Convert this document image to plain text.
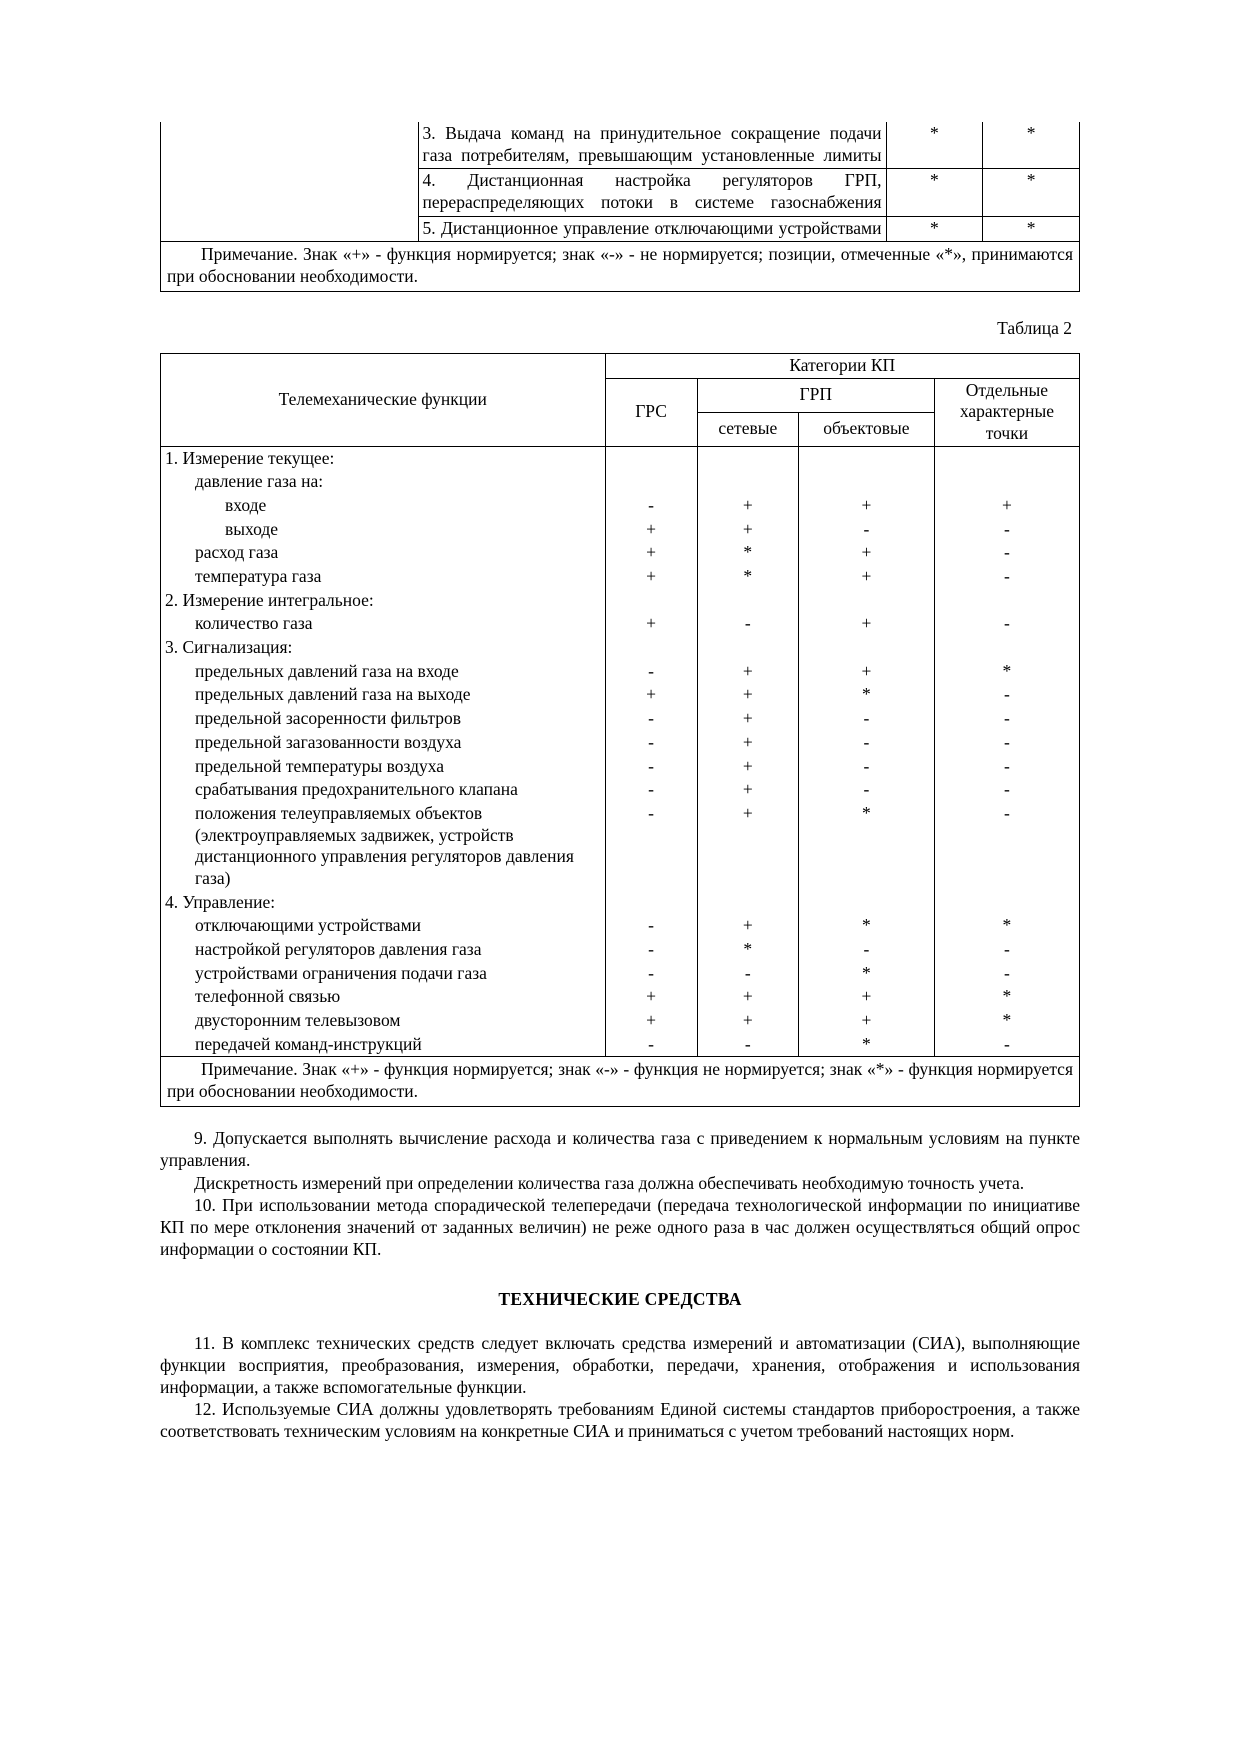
	3. Выдача команд на принудительное сокращение подачи газа потребителям, превышающим установленные лимиты	*	*
	4. Дистанционная настройка регуляторов ГРП, перераспределяющих потоки в системе газоснабжения	*	*
	5. Дистанционное управление отключающими устройствами	*	*
Примечание. Знак «+» - функция нормируется; знак «-» - не нормируется; позиции, отмеченные «*», принимаются при обосновании необходимости.			
Таблица 2
Телемеханические функции	Категории КП			
	ГРС	ГРП		Отдельные характерные точки
		сетевые	объектовые	
1. Измерение текущее:				
давление газа на:				
входе	-	+	+	+
выходе	+	+	-	-
расход газа	+	*	+	-
температура газа	+	*	+	-
2. Измерение интегральное:				
количество газа	+	-	+	-
3. Сигнализация:				
предельных давлений газа на входе	-	+	+	*
предельных давлений газа на выходе	+	+	*	-
предельной засоренности фильтров	-	+	-	-
предельной загазованности воздуха	-	+	-	-
предельной температуры воздуха	-	+	-	-
срабатывания предохранительного клапана	-	+	-	-
положения телеуправляемых объектов (электроуправляемых задвижек, устройств дистанционного управления регуляторов давления газа)	-	+	*	-
4. Управление:				
отключающими устройствами	-	+	*	*
настройкой регуляторов давления газа	-	*	-	-
устройствами ограничения подачи газа	-	-	*	-
телефонной связью	+	+	+	*
двусторонним телевызовом	+	+	+	*
передачей команд-инструкций	-	-	*	-
Примечание. Знак «+» - функция нормируется; знак «-» - функция не нормируется; знак «*» - функция нормируется при обосновании необходимости.				

9. Допускается выполнять вычисление расхода и количества газа с приведением к нормальным условиям на пункте управления.

Дискретность измерений при определении количества газа должна обеспечивать необходимую точность учета.

10. При использовании метода спорадической телепередачи (передача технологической информации по инициативе КП по мере отклонения значений от заданных величин) не реже одного раза в час должен осуществляться общий опрос информации о состоянии КП.

ТЕХНИЧЕСКИЕ СРЕДСТВА

11. В комплекс технических средств следует включать средства измерений и автоматизации (СИА), выполняющие функции восприятия, преобразования, измерения, обработки, передачи, хранения, отображения и использования информации, а также вспомогательные функции.

12. Используемые СИА должны удовлетворять требованиям Единой системы стандартов приборостроения, а также соответствовать техническим условиям на конкретные СИА и приниматься с учетом требований настоящих норм.
